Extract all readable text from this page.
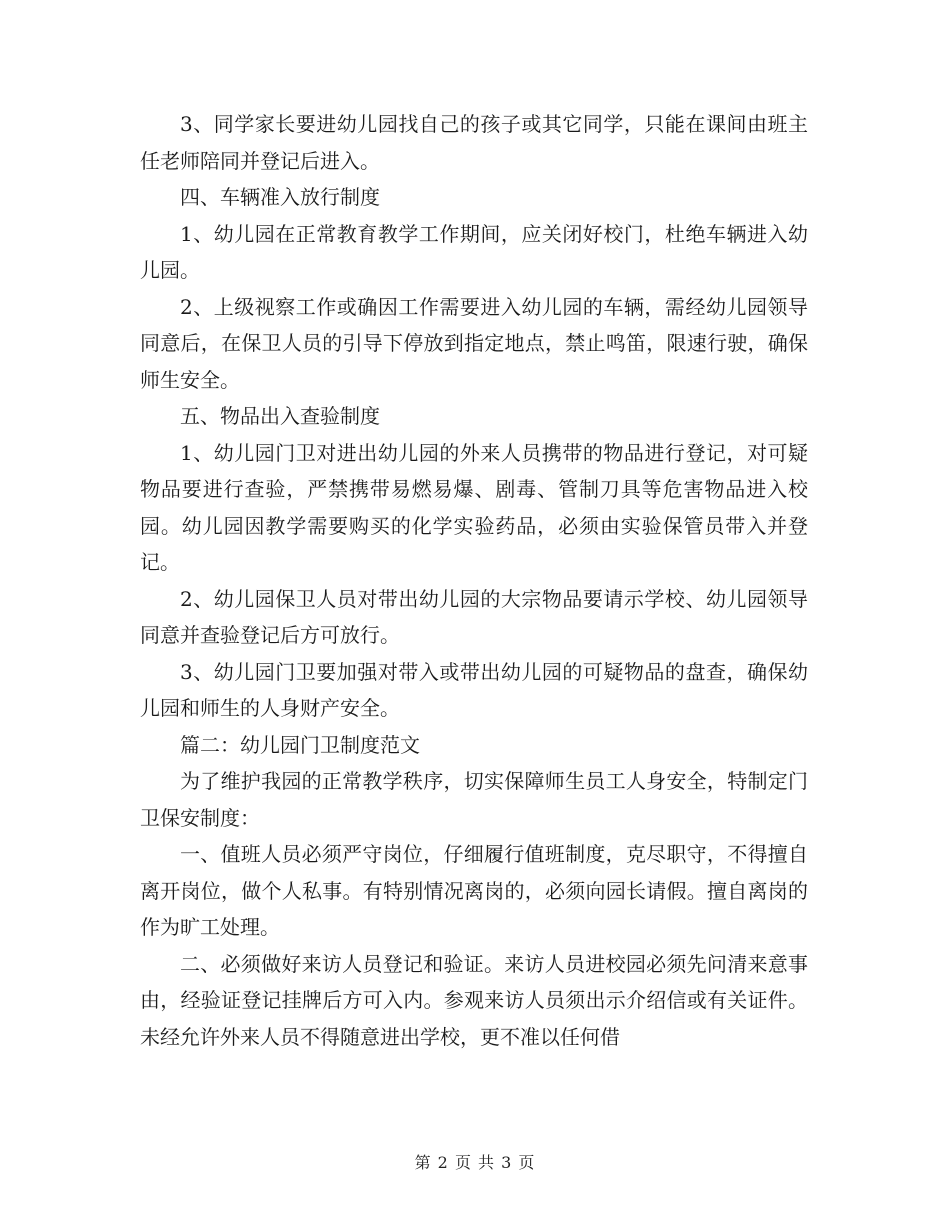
3、同学家长要进幼儿园找自己的孩子或其它同学，只能在课间由班主任老师陪同并登记后进入。

四、车辆准入放行制度

1、幼儿园在正常教育教学工作期间，应关闭好校门，杜绝车辆进入幼儿园。

2、上级视察工作或确因工作需要进入幼儿园的车辆，需经幼儿园领导同意后，在保卫人员的引导下停放到指定地点，禁止鸣笛，限速行驶，确保师生安全。

五、物品出入查验制度

1、幼儿园门卫对进出幼儿园的外来人员携带的物品进行登记，对可疑物品要进行查验，严禁携带易燃易爆、剧毒、管制刀具等危害物品进入校园。幼儿园因教学需要购买的化学实验药品，必须由实验保管员带入并登记。

2、幼儿园保卫人员对带出幼儿园的大宗物品要请示学校、幼儿园领导同意并查验登记后方可放行。

3、幼儿园门卫要加强对带入或带出幼儿园的可疑物品的盘查，确保幼儿园和师生的人身财产安全。

篇二：幼儿园门卫制度范文

为了维护我园的正常教学秩序，切实保障师生员工人身安全，特制定门卫保安制度：

一、值班人员必须严守岗位，仔细履行值班制度，克尽职守，不得擅自离开岗位，做个人私事。有特别情况离岗的，必须向园长请假。擅自离岗的作为旷工处理。

二、必须做好来访人员登记和验证。来访人员进校园必须先问清来意事由，经验证登记挂牌后方可入内。参观来访人员须出示介绍信或有关证件。未经允许外来人员不得随意进出学校，更不准以任何借

第 2 页 共 3 页
